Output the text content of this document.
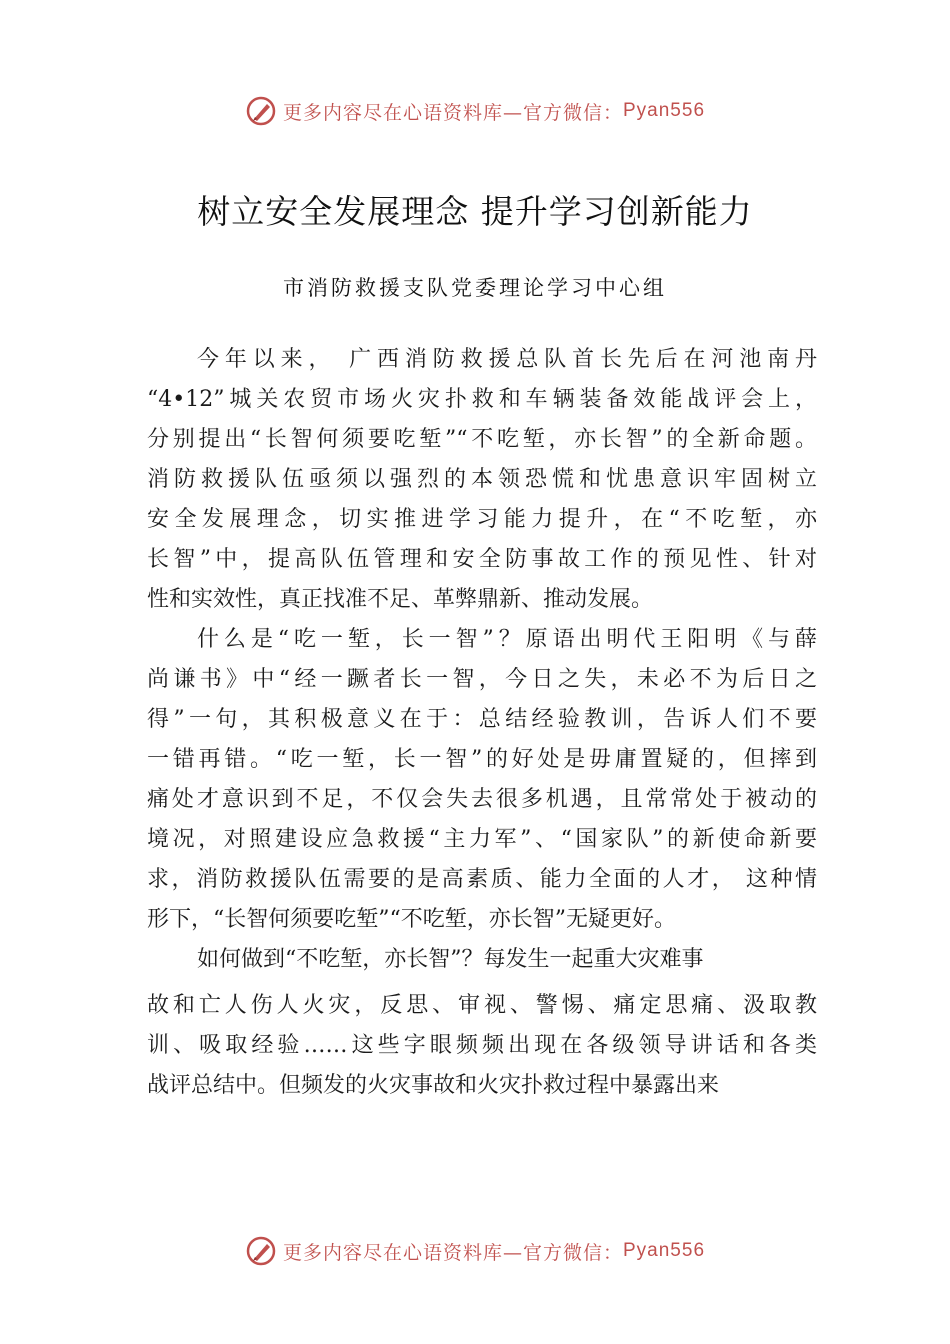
更多内容尽在心语资料库—官方微信： Pyan556
树立安全发展理念 提升学习创新能力
市消防救援支队党委理论学习中心组
今年以来， 广西消防救援总队首长先后在河池南丹
“4•12”城关农贸市场火灾扑救和车辆装备效能战评会上，
分别提出“长智何须要吃堑”“不吃堑，亦长智”的全新命题。
消防救援队伍亟须以强烈的本领恐慌和忧患意识牢固树立
安全发展理念，切实推进学习能力提升，在“不吃堑，亦
长智”中，提高队伍管理和安全防事故工作的预见性、针对
性和实效性，真正找准不足、革弊鼎新、推动发展。
什么是“吃一堑，长一智”？原语出明代王阳明《与薛
尚谦书》中“经一蹶者长一智，今日之失，未必不为后日之
得”一句，其积极意义在于：总结经验教训，告诉人们不要
一错再错。“吃一堑，长一智”的好处是毋庸置疑的，但摔到
痛处才意识到不足，不仅会失去很多机遇，且常常处于被动的
境况，对照建设应急救援“主力军”、“国家队”的新使命新要
求，消防救援队伍需要的是高素质、能力全面的人才， 这种情
形下，“长智何须要吃堑”“不吃堑，亦长智”无疑更好。
如何做到“不吃堑，亦长智”？每发生一起重大灾难事
故和亡人伤人火灾，反思、审视、警惕、痛定思痛、汲取教
训、吸取经验……这些字眼频频出现在各级领导讲话和各类
战评总结中。但频发的火灾事故和火灾扑救过程中暴露出来
更多内容尽在心语资料库—官方微信： Pyan556
